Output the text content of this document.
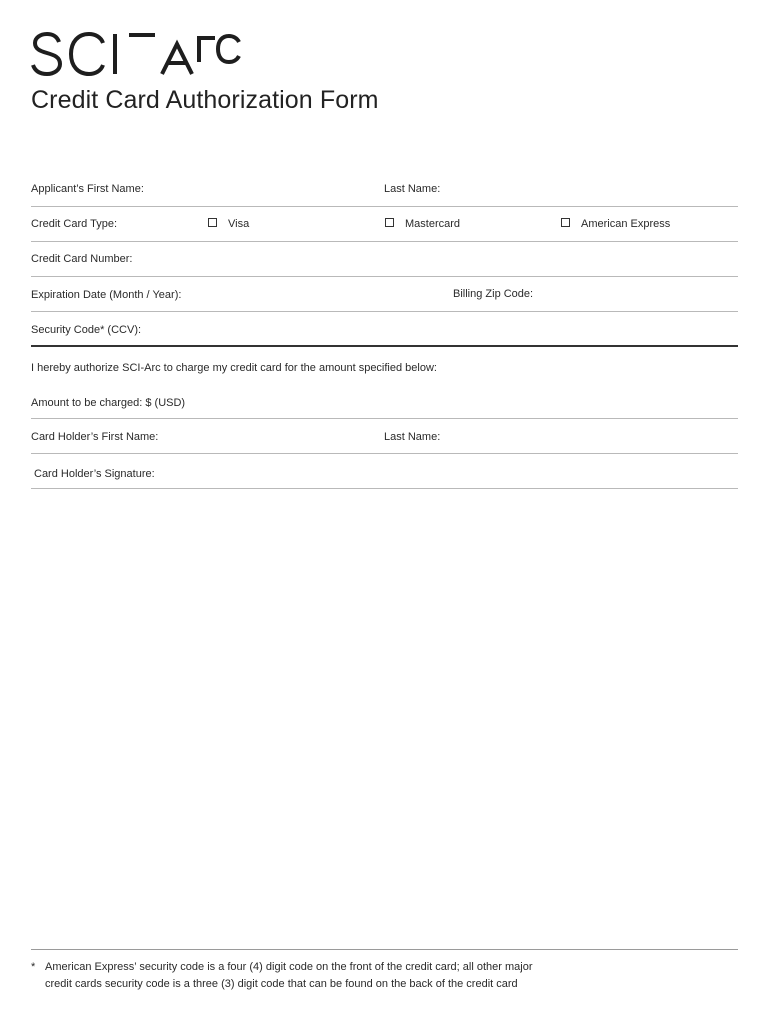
Credit Card Authorization Form
Applicant’s First Name:	Last Name:
Credit Card Type:	Visa	Mastercard	American Express
Credit Card Number:
Expiration Date (Month / Year):	Billing Zip Code:
Security Code* (CCV):
I hereby authorize SCI-Arc to charge my credit card for the amount specified below:
Amount to be charged: $ (USD)
Card Holder’s First Name:	Last Name:
Card Holder’s Signature:
* American Express’ security code is a four (4) digit code on the front of the credit card; all other major
credit cards security code is a three (3) digit code that can be found on the back of the credit card
